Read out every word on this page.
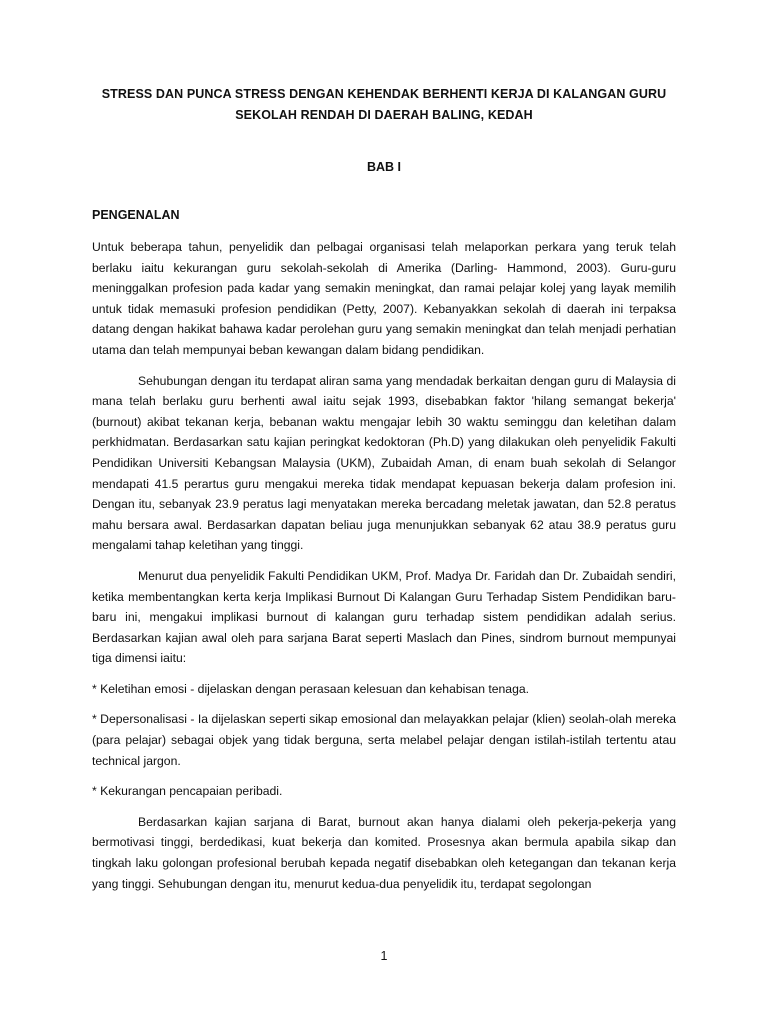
STRESS DAN PUNCA STRESS DENGAN KEHENDAK BERHENTI KERJA DI KALANGAN GURU
SEKOLAH RENDAH DI DAERAH BALING, KEDAH
BAB I
PENGENALAN

Untuk beberapa tahun, penyelidik dan pelbagai organisasi telah melaporkan perkara yang teruk telah berlaku iaitu kekurangan guru sekolah-sekolah di Amerika (Darling- Hammond, 2003). Guru-guru meninggalkan profesion pada kadar yang semakin meningkat, dan ramai pelajar kolej yang layak memilih untuk tidak memasuki profesion pendidikan (Petty, 2007). Kebanyakkan sekolah di daerah ini terpaksa datang dengan hakikat bahawa kadar perolehan guru yang semakin meningkat dan telah menjadi perhatian utama dan telah mempunyai beban kewangan dalam bidang pendidikan.

Sehubungan dengan itu terdapat aliran sama yang mendadak berkaitan dengan guru di Malaysia di mana telah berlaku guru berhenti awal iaitu sejak 1993, disebabkan faktor 'hilang semangat bekerja' (burnout) akibat tekanan kerja, bebanan waktu mengajar lebih 30 waktu seminggu dan keletihan dalam perkhidmatan. Berdasarkan satu kajian peringkat kedoktoran (Ph.D) yang dilakukan oleh penyelidik Fakulti Pendidikan Universiti Kebangsan Malaysia (UKM), Zubaidah Aman, di enam buah sekolah di Selangor mendapati 41.5 perartus guru mengakui mereka tidak mendapat kepuasan bekerja dalam profesion ini. Dengan itu, sebanyak 23.9 peratus lagi menyatakan mereka bercadang meletak jawatan, dan 52.8 peratus mahu bersara awal. Berdasarkan dapatan beliau juga menunjukkan sebanyak 62 atau 38.9 peratus guru mengalami tahap keletihan yang tinggi.

Menurut dua penyelidik Fakulti Pendidikan UKM, Prof. Madya Dr. Faridah dan Dr. Zubaidah sendiri, ketika membentangkan kerta kerja Implikasi Burnout Di Kalangan Guru Terhadap Sistem Pendidikan baru-baru ini, mengakui implikasi burnout di kalangan guru terhadap sistem pendidikan adalah serius. Berdasarkan kajian awal oleh para sarjana Barat seperti Maslach dan Pines, sindrom burnout mempunyai tiga dimensi iaitu:

* Keletihan emosi - dijelaskan dengan perasaan kelesuan dan kehabisan tenaga.

* Depersonalisasi - Ia dijelaskan seperti sikap emosional dan melayakkan pelajar (klien) seolah-olah mereka (para pelajar) sebagai objek yang tidak berguna, serta melabel pelajar dengan istilah-istilah tertentu atau technical jargon.

* Kekurangan pencapaian peribadi.

Berdasarkan kajian sarjana di Barat, burnout akan hanya dialami oleh pekerja-pekerja yang bermotivasi tinggi, berdedikasi, kuat bekerja dan komited. Prosesnya akan bermula apabila sikap dan tingkah laku golongan profesional berubah kepada negatif disebabkan oleh ketegangan dan tekanan kerja yang tinggi. Sehubungan dengan itu, menurut kedua-dua penyelidik itu, terdapat segolongan

1
